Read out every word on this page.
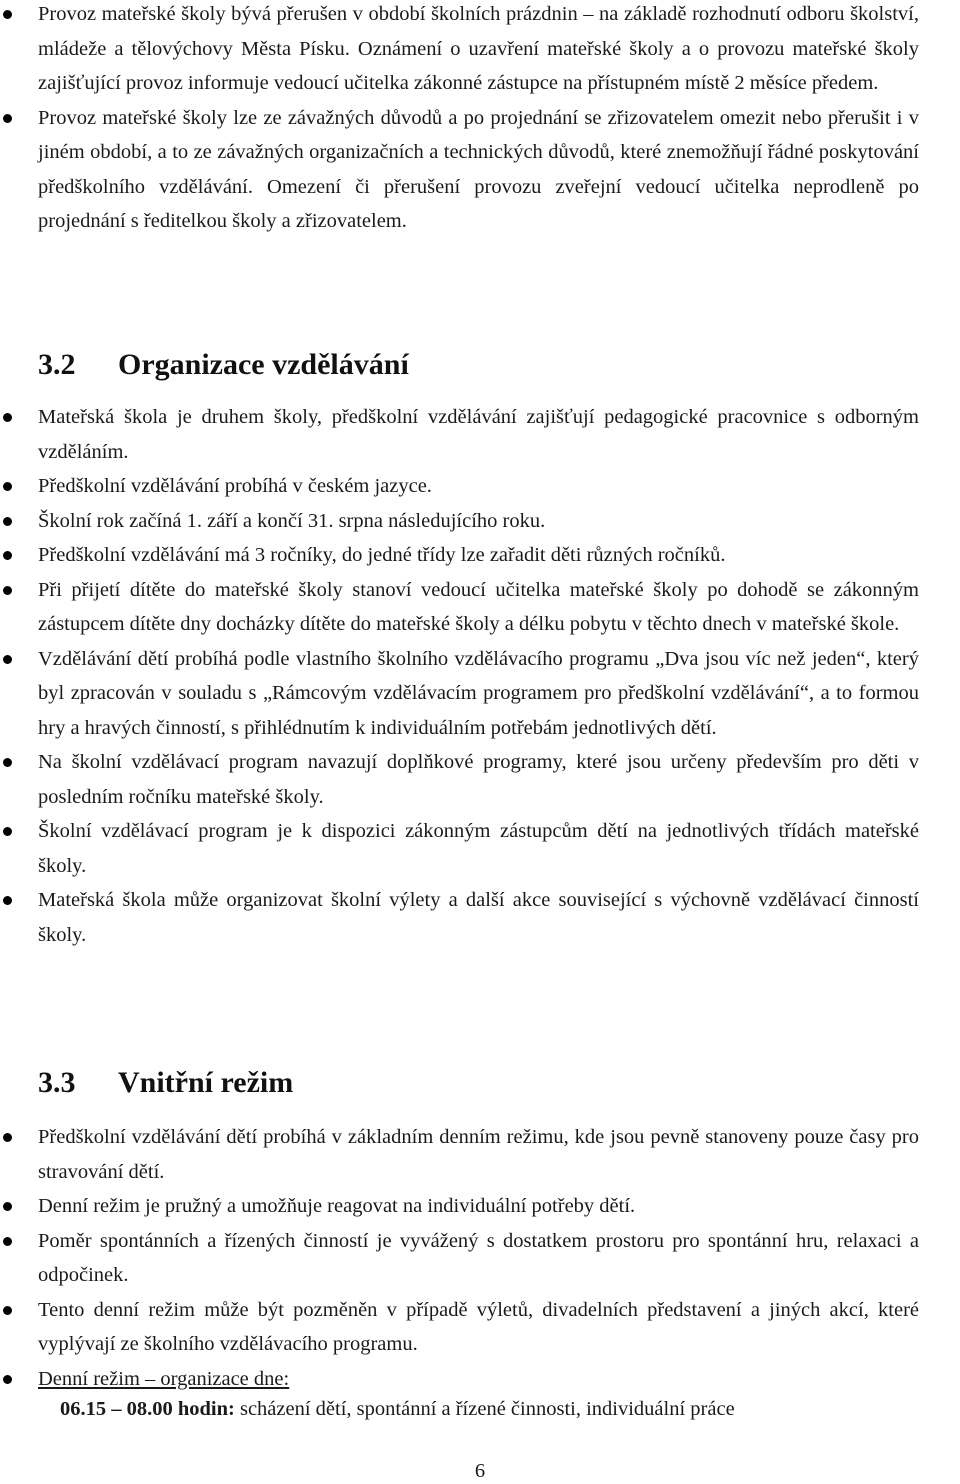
Provoz mateřské školy bývá přerušen v období školních prázdnin – na základě rozhodnutí odboru školství, mládeže a tělovýchovy Města Písku. Oznámení o uzavření mateřské školy a o provozu mateřské školy zajišťující provoz informuje vedoucí učitelka zákonné zástupce na přístupném místě 2 měsíce předem.
Provoz mateřské školy lze ze závažných důvodů a po projednání se zřizovatelem omezit nebo přerušit i v jiném období, a to ze závažných organizačních a technických důvodů, které znemožňují řádné poskytování předškolního vzdělávání. Omezení či přerušení provozu zveřejní vedoucí učitelka neprodleně po projednání s ředitelkou školy a zřizovatelem.
3.2 Organizace vzdělávání
Mateřská škola je druhem školy, předškolní vzdělávání zajišťují pedagogické pracovnice s odborným vzděláním.
Předškolní vzdělávání probíhá v českém jazyce.
Školní rok začíná 1. září a končí 31. srpna následujícího roku.
Předškolní vzdělávání má 3 ročníky, do jedné třídy lze zařadit děti různých ročníků.
Při přijetí dítěte do mateřské školy stanoví vedoucí učitelka mateřské školy po dohodě se zákonným zástupcem dítěte dny docházky dítěte do mateřské školy a délku pobytu v těchto dnech v mateřské škole.
Vzdělávání dětí probíhá podle vlastního školního vzdělávacího programu „Dva jsou víc než jeden“, který byl zpracován v souladu s „Rámcovým vzdělávacím programem pro předškolní vzdělávání“, a to formou hry a hravých činností, s přihlédnutím k individuálním potřebám jednotlivých dětí.
Na školní vzdělávací program navazují doplňkové programy, které jsou určeny především pro děti v posledním ročníku mateřské školy.
Školní vzdělávací program je k dispozici zákonným zástupcům dětí na jednotlivých třídách mateřské školy.
Mateřská škola může organizovat školní výlety a další akce související s výchovně vzdělávací činností školy.
3.3 Vnitřní režim
Předškolní vzdělávání dětí probíhá v základním denním režimu, kde jsou pevně stanoveny pouze časy pro stravování dětí.
Denní režim je pružný a umožňuje reagovat na individuální potřeby dětí.
Poměr spontánních a řízených činností je vyvážený s dostatkem prostoru pro spontánní hru, relaxaci a odpočinek.
Tento denní režim může být pozměněn v případě výletů, divadelních představení a jiných akcí, které vyplývají ze školního vzdělávacího programu.
Denní režim – organizace dne:
06.15 – 08.00 hodin: scházení dětí, spontánní a řízené činnosti, individuální práce
6
